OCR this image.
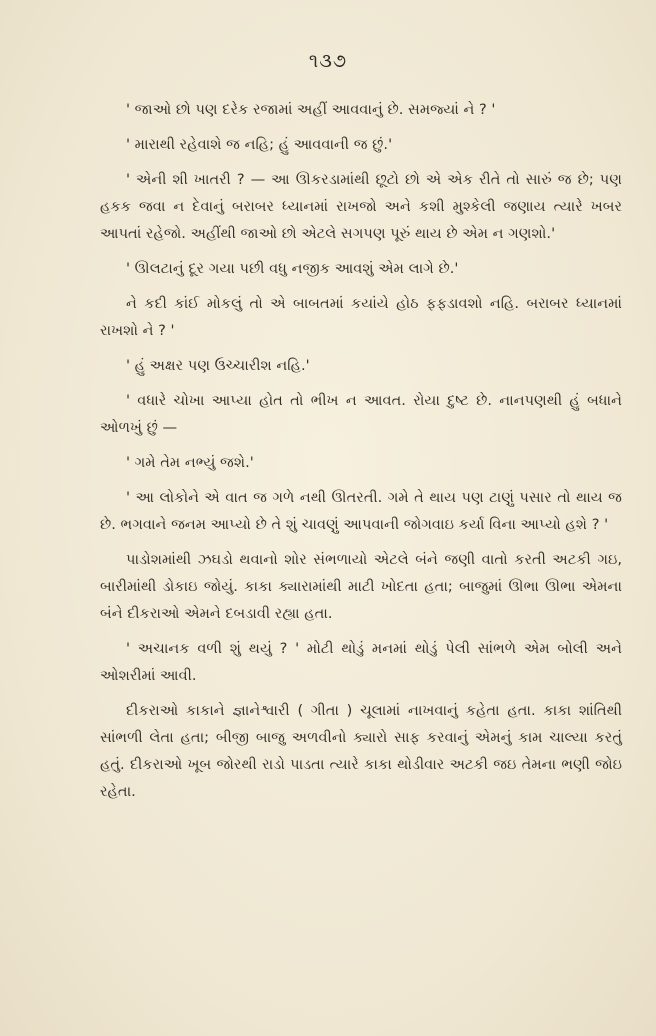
૧૩૭

' જાઓ છો પણ દરેક રજામાં અહીં આવવાનું છે. સમજ્યાં ને ? '

' મારાથી રહેવાશે જ નહિ; હું આવવાની જ છું.'

' એની શી ખાતરી ? — આ ઊકરડામાંથી છૂટો છો એ એક રીતે તો સારું જ છે; પણ હકક જવા ન દેવાનું બરાબર ધ્યાનમાં રાખજો અને કશી મુશ્કેલી જણાય ત્યારે ખબર આપતાં રહેજો. અહીંથી જાઓ છો એટલે સગપણ પૂરું થાય છે એમ ન ગણશો.'

' ઊલટાનું દૂર ગયા પછી વધુ નજીક આવશું એમ લાગે છે.'

ને કદી કાંઈ મોકલું તો એ બાબતમાં કયાંયે હોઠ ફફડાવશો નહિ. બરાબર ધ્યાનમાં રાખશો ને ? '

' હું અક્ષર પણ ઉચ્ચારીશ નહિ.'

' વધારે ચોખા આપ્યા હોત તો ભીખ ન આવત. રોયા દુષ્ટ છે. નાનપણથી હું બધાને ઓળખું છું —

' ગમે તેમ નભ્યું જશે.'

' આ લોકોને એ વાત જ ગળે નથી ઊતરતી. ગમે તે થાય પણ ટાણું પસાર તો થાય જ છે. ભગવાને જનમ આપ્યો છે તે શું ચાવણું આપવાની જોગવાઇ કર્યા વિના આપ્યો હશે ? '

પાડોશમાંથી ઝઘડો થવાનો શોર સંભળાયો એટલે બંને જણી વાતો કરતી અટકી ગઇ, બારીમાંથી ડોકાઇ જોયું. કાકા ક્યારામાંથી માટી ખોદતા હતા; બાજુમાં ઊભા ઊભા એમના બંને દીકરાઓ એમને દબડાવી રહ્યા હતા.

' અચાનક વળી શું થયું ? ' મોટી થોડું મનમાં થોડું પેલી સાંભળે એમ બોલી અને ઓશરીમાં આવી.

દીકરાઓ કાકાને જ્ઞાનેશ્વારી ( ગીતા ) ચૂલામાં નાખવાનું કહેતા હતા. કાકા શાંતિથી સાંભળી લેતા હતા; બીજી બાજુ અળવીનો ક્યારો સાફ કરવાનું એમનું કામ ચાલ્યા કરતું હતું. દીકરાઓ ખૂબ જોરથી રાડો પાડતા ત્યારે કાકા થોડીવાર અટકી જઇ તેમના ભણી જોઇ રહેતા.
